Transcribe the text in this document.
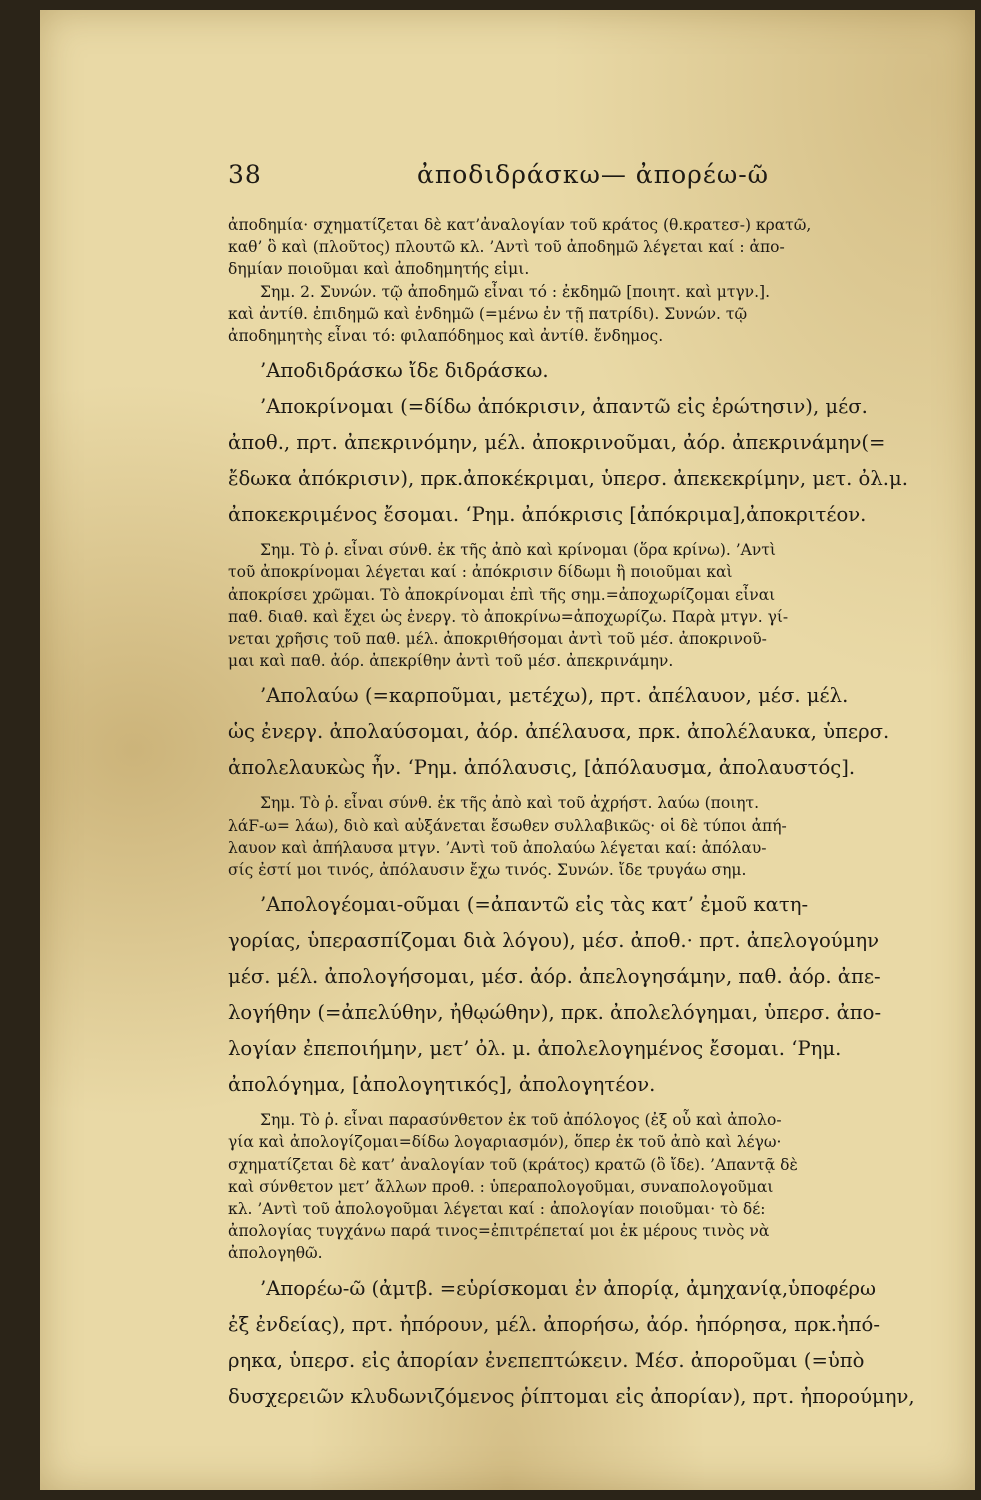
38	ἀποδιδράσκω— ἀπορέω-ῶ
ἀποδημία· σχηματίζεται δὲ κατ’ἀναλογίαν τοῦ κράτος (θ.κρατεσ-) κρατῶ,
καθ’ ὃ καὶ (πλοῦτος) πλουτῶ κλ. ’Αντὶ τοῦ ἀποδημῶ λέγεται καί : ἀπο-
δημίαν ποιοῦμαι καὶ ἀποδημητής εἰμι.
Σημ. 2. Συνών. τῷ ἀποδημῶ εἶναι τό : ἐκδημῶ [ποιητ. καὶ μτγν.].
καὶ ἀντίθ. ἐπιδημῶ καὶ ἐνδημῶ (=μένω ἐν τῇ πατρίδι). Συνών. τῷ
ἀποδημητὴς εἶναι τό: φιλαπόδημος καὶ ἀντίθ. ἔνδημος.
’Αποδιδράσκω ἴδε διδράσκω.
’Αποκρίνομαι (=δίδω ἀπόκρισιν, ἀπαντῶ εἰς ἐρώτησιν), μέσ.
ἀποθ., πρτ. ἀπεκρινόμην, μέλ. ἀποκρινοῦμαι, ἀόρ. ἀπεκρινάμην(=
ἔδωκα ἀπόκρισιν), πρκ.ἀποκέκριμαι, ὑπερσ. ἀπεκεκρίμην, μετ. ὀλ.μ.
ἀποκεκριμένος ἔσομαι. ‘Ρημ. ἀπόκρισις [ἀπόκριμα],ἀποκριτέον.
Σημ. Τὸ ῥ. εἶναι σύνθ. ἐκ τῆς ἀπὸ καὶ κρίνομαι (ὅρα κρίνω). ’Αντὶ
τοῦ ἀποκρίνομαι λέγεται καί : ἀπόκρισιν δίδωμι ἢ ποιοῦμαι καὶ
ἀποκρίσει χρῶμαι. Τὸ ἀποκρίνομαι ἐπὶ τῆς σημ.=ἀποχωρίζομαι εἶναι
παθ. διαθ. καὶ ἔχει ὡς ἐνεργ. τὸ ἀποκρίνω=ἀποχωρίζω. Παρὰ μτγν. γί-
νεται χρῆσις τοῦ παθ. μέλ. ἀποκριθήσομαι ἀντὶ τοῦ μέσ. ἀποκρινοῦ-
μαι καὶ παθ. ἀόρ. ἀπεκρίθην ἀντὶ τοῦ μέσ. ἀπεκρινάμην.
’Απολαύω (=καρποῦμαι, μετέχω), πρτ. ἀπέλαυον, μέσ. μέλ.
ὡς ἐνεργ. ἀπολαύσομαι, ἀόρ. ἀπέλαυσα, πρκ. ἀπολέλαυκα, ὑπερσ.
ἀπολελαυκὼς ἦν. ‘Ρημ. ἀπόλαυσις, [ἀπόλαυσμα, ἀπολαυστός].
Σημ. Τὸ ῥ. εἶναι σύνθ. ἐκ τῆς ἀπὸ καὶ τοῦ ἀχρήστ. λαύω (ποιητ.
λάϜ-ω= λάω), διὸ καὶ αὐξάνεται ἔσωθεν συλλαβικῶς· οἱ δὲ τύποι ἀπή-
λαυον καὶ ἀπήλαυσα μτγν. ’Αντὶ τοῦ ἀπολαύω λέγεται καί: ἀπόλαυ-
σίς ἐστί μοι τινός, ἀπόλαυσιν ἔχω τινός. Συνών. ἴδε τρυγάω σημ.
’Απολογέομαι-οῦμαι (=ἀπαντῶ εἰς τὰς κατ’ ἐμοῦ κατη-
γορίας, ὑπερασπίζομαι διὰ λόγου), μέσ. ἀποθ.· πρτ. ἀπελογούμην
μέσ. μέλ. ἀπολογήσομαι, μέσ. ἀόρ. ἀπελογησάμην, παθ. ἀόρ. ἀπε-
λογήθην (=ἀπελύθην, ἠθῳώθην), πρκ. ἀπολελόγημαι, ὑπερσ. ἀπο-
λογίαν ἐπεποιήμην, μετ’ ὀλ. μ. ἀπολελογημένος ἔσομαι. ‘Ρημ.
ἀπολόγημα, [ἀπολογητικός], ἀπολογητέον.
Σημ. Τὸ ῥ. εἶναι παρασύνθετον ἐκ τοῦ ἀπόλογος (ἐξ οὗ καὶ ἀπολο-
γία καὶ ἀπολογίζομαι=δίδω λογαριασμόν), ὅπερ ἐκ τοῦ ἀπὸ καὶ λέγω·
σχηματίζεται δὲ κατ’ ἀναλογίαν τοῦ (κράτος) κρατῶ (ὃ ἴδε). ’Απαντᾷ δὲ
καὶ σύνθετον μετ’ ἄλλων προθ. : ὑπεραπολογοῦμαι, συναπολογοῦμαι
κλ. ’Αντὶ τοῦ ἀπολογοῦμαι λέγεται καί : ἀπολογίαν ποιοῦμαι· τὸ δέ:
ἀπολογίας τυγχάνω παρά τινος=ἐπιτρέπεταί μοι ἐκ μέρους τινὸς νὰ
ἀπολογηθῶ.
’Απορέω-ῶ (ἀμτβ. =εὑρίσκομαι ἐν ἀπορίᾳ, ἀμηχανίᾳ,ὑποφέρω
ἐξ ἐνδείας), πρτ. ἠπόρουν, μέλ. ἀπορήσω, ἀόρ. ἠπόρησα, πρκ.ἠπό-
ρηκα, ὑπερσ. εἰς ἀπορίαν ἐνεπεπτώκειν. Μέσ. ἀποροῦμαι (=ὑπὸ
δυσχερειῶν κλυδωνιζόμενος ῥίπτομαι εἰς ἀπορίαν), πρτ. ἠπορούμην,
